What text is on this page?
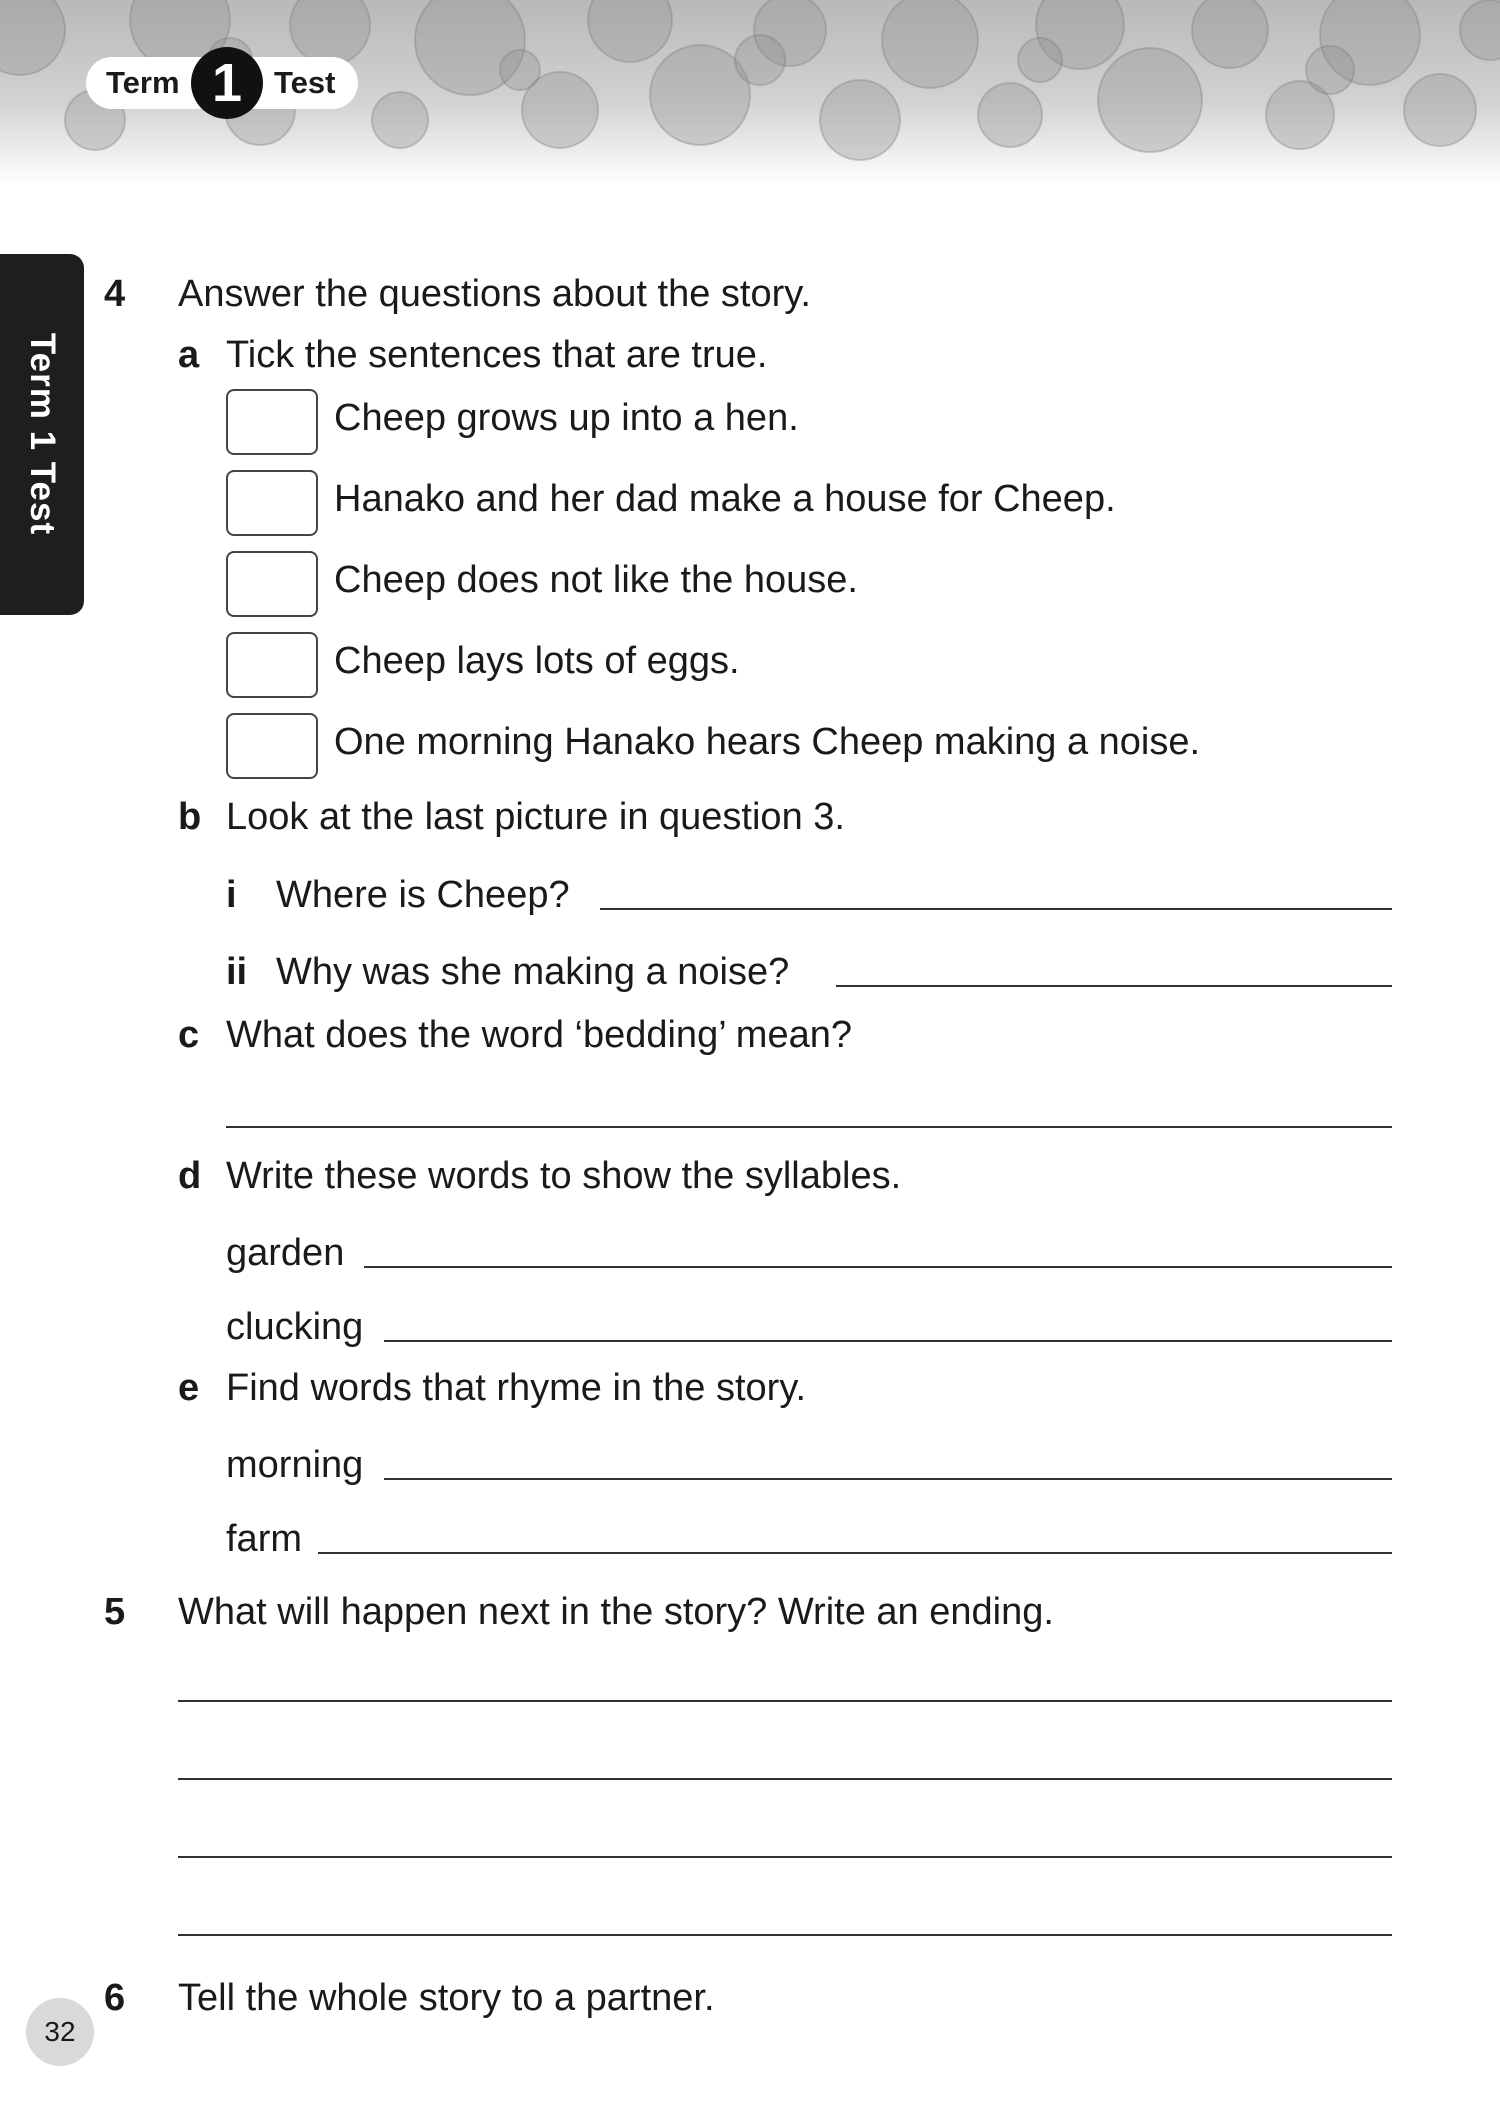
Term 1	Test
Term 1 Test
4 Answer the questions about the story.
a Tick the sentences that are true.
Cheep grows up into a hen.
Hanako and her dad make a house for Cheep.
Cheep does not like the house.
Cheep lays lots of eggs.
One morning Hanako hears Cheep making a noise.
b Look at the last picture in question 3.
i Where is Cheep?
ii Why was she making a noise?
c What does the word ‘bedding’ mean?
d Write these words to show the syllables.
garden
clucking
e Find words that rhyme in the story.
morning
farm
5 What will happen next in the story? Write an ending.
6 Tell the whole story to a partner.
32
